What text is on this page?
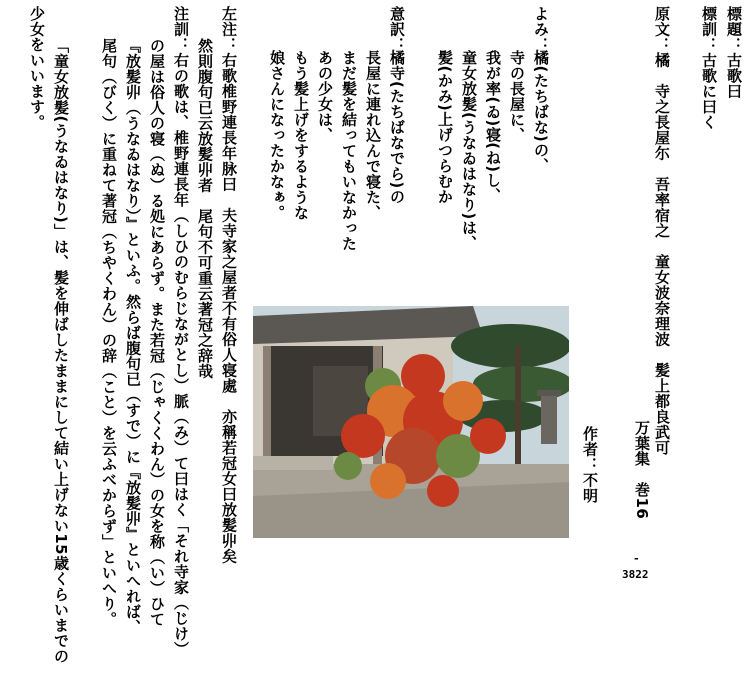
標題：古歌曰
標訓：古歌に曰く
原文：橘　寺之長屋尓　吾率宿之　童女波奈理波　髪上都良武可
よみ：
橘(たちばな)の、
寺の長屋に、
我が率(ゐ)寝(ね)し、
童女放髪(うなゐはなり)は、
髪(かみ)上げつらむか
意訳：
橘寺(たちばなでら)の
長屋に連れ込んで寝た、
まだ髪を結ってもいなかった
あの少女は、
もう髪上げをするような
娘さんになったかなぁ。
左注：右歌椎野連長年脉曰　夫寺家之屋者不有俗人寝處　亦稱若冠女曰放髪丱矣
然則腹句已云放髪丱者　尾句不可重云著冠之辞哉
注訓：右の歌は、椎野連長年（しひのむらじながとし）脈（み）て曰はく「それ寺家（じけ）
の屋は俗人の寝（ぬ）る処にあらず。また若冠（じゃくくわん）の女を称（い）ひて
『放髪丱（うなゐはなり）』といふ。然らば腹句已（すで）に『放髪丱』といへれば、
尾句（びく）に重ねて著冠（ちやくわん）の辞（こと）を云ふべからず」といへり。
「童女放髪(うなゐはなり)」は、髪を伸ばしたままにして結い上げない15歳くらいまでの
少女をいいます。
万葉集　巻16
-
3822
作者：不明
